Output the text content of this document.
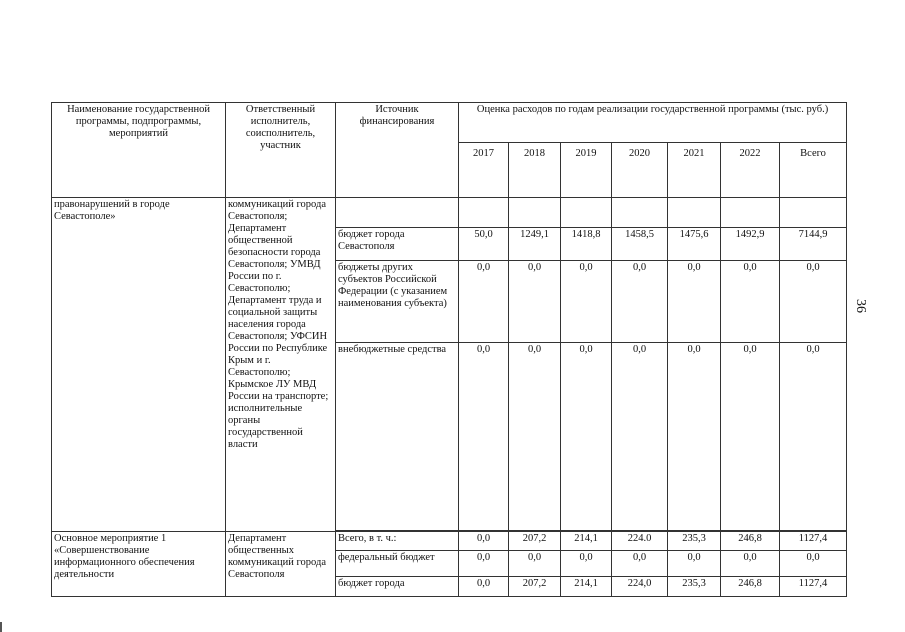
Наименование государственной программы, подпрограммы, мероприятий	Ответственный исполнитель, соисполнитель, участник	Источник финансирования	Оценка расходов по годам реализации государственной программы (тыс. руб.)						
			2017	2018	2019	2020	2021	2022	Всего
правонарушений в городе Севастополе»	коммуникаций города Севастополя; Департамент общественной безопасности города Севастополя; УМВД России по г. Севастополю; Департамент труда и социальной защиты населения города Севастополя; УФСИН России по Республике Крым и г. Севастополю; Крымское ЛУ МВД России на транспорте; исполнительные органы государственной власти								
		бюджет города Севастополя	50,0	1249,1	1418,8	1458,5	1475,6	1492,9	7144,9
		бюджеты других субъектов Российской Федерации (с указанием наименования субъекта)	0,0	0,0	0,0	0,0	0,0	0,0	0,0
		внебюджетные средства	0,0	0,0	0,0	0,0	0,0	0,0	0,0

Основное мероприятие 1 «Совершенствование информационного обеспечения деятельности	Департамент общественных коммуникаций города Севастополя	Всего, в т. ч.:	0,0	207,2	214,1	224.0	235,3	246,8	1127,4
		федеральный бюджет	0,0	0,0	0,0	0,0	0,0	0,0	0,0
		бюджет города	0,0	207,2	214,1	224,0	235,3	246,8	1127,4
36
